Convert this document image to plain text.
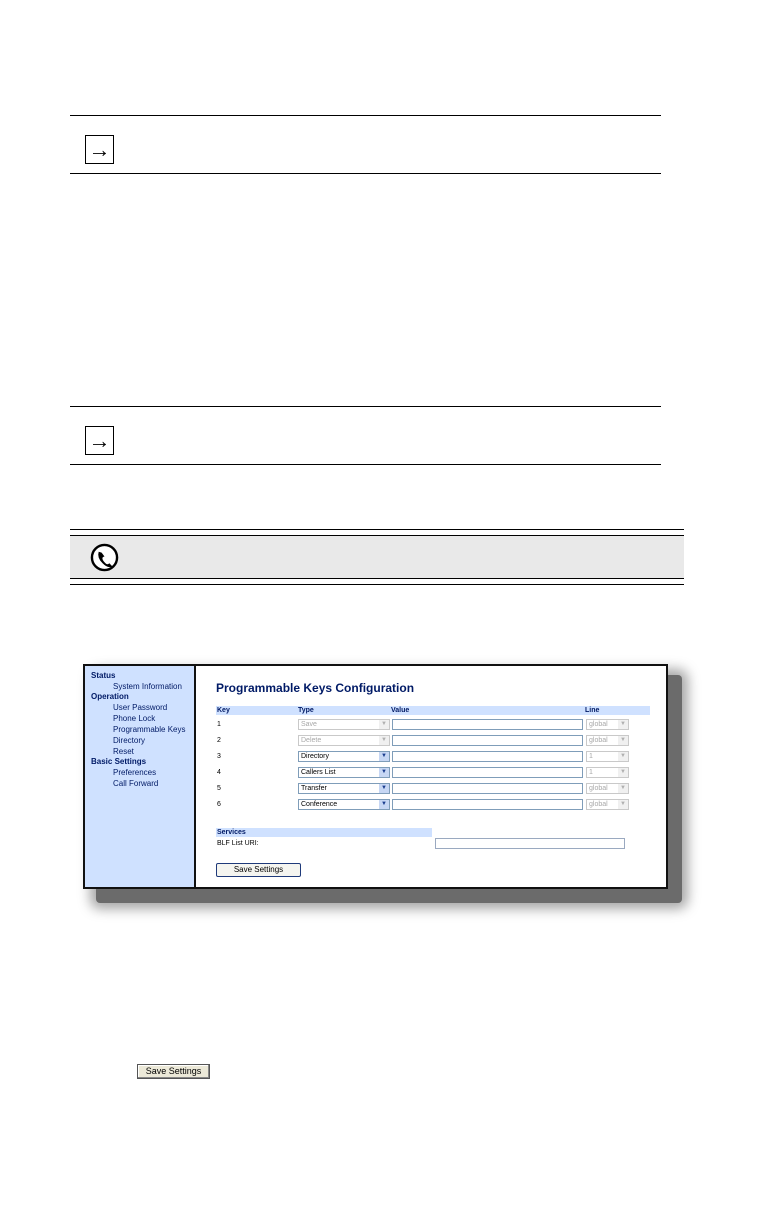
→
→
Status
System Information
Operation
User Password
Phone Lock
Programmable Keys
Directory
Reset
Basic Settings
Preferences
Call Forward
Programmable Keys Configuration
Key	Type	Value	Line
1	Save	▼	global	▼
2	Delete	▼	global	▼
3	Directory	▼	1	▼
4	Callers List	▼	1	▼
5	Transfer	▼	global	▼
6	Conference	▼	global	▼
Services
BLF List URI:
Save Settings
Save Settings
